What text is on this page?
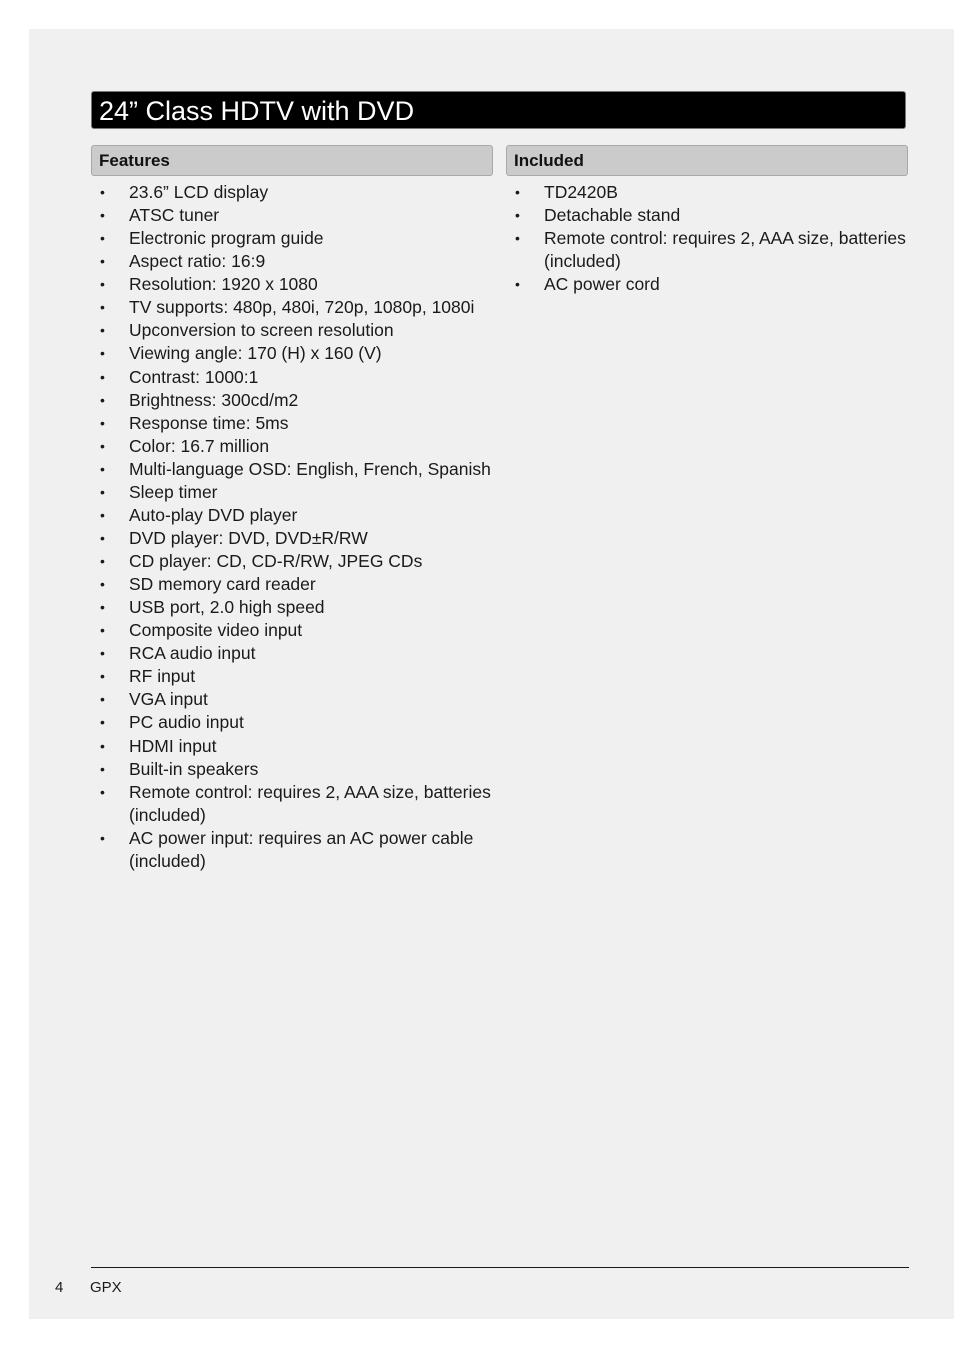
24” Class HDTV with DVD
Features	Included
• 23.6” LCD display
• ATSC tuner
• Electronic program guide
• Aspect ratio: 16:9
• Resolution: 1920 x 1080
• TV supports: 480p, 480i, 720p, 1080p, 1080i
• Upconversion to screen resolution
• Viewing angle: 170 (H) x 160 (V)
• Contrast: 1000:1
• Brightness: 300cd/m2
• Response time: 5ms
• Color: 16.7 million
• Multi-language OSD: English, French, Spanish
• Sleep timer
• Auto-play DVD player
• DVD player: DVD, DVD±R/RW
• CD player: CD, CD-R/RW, JPEG CDs
• SD memory card reader
• USB port, 2.0 high speed
• Composite video input
• RCA audio input
• RF input
• VGA input
• PC audio input
• HDMI input
• Built-in speakers
• Remote control: requires 2, AAA size, batteries (included)
• AC power input: requires an AC power cable (included)
• TD2420B
• Detachable stand
• Remote control: requires 2, AAA size, batteries (included)
• AC power cord
4 GPX
